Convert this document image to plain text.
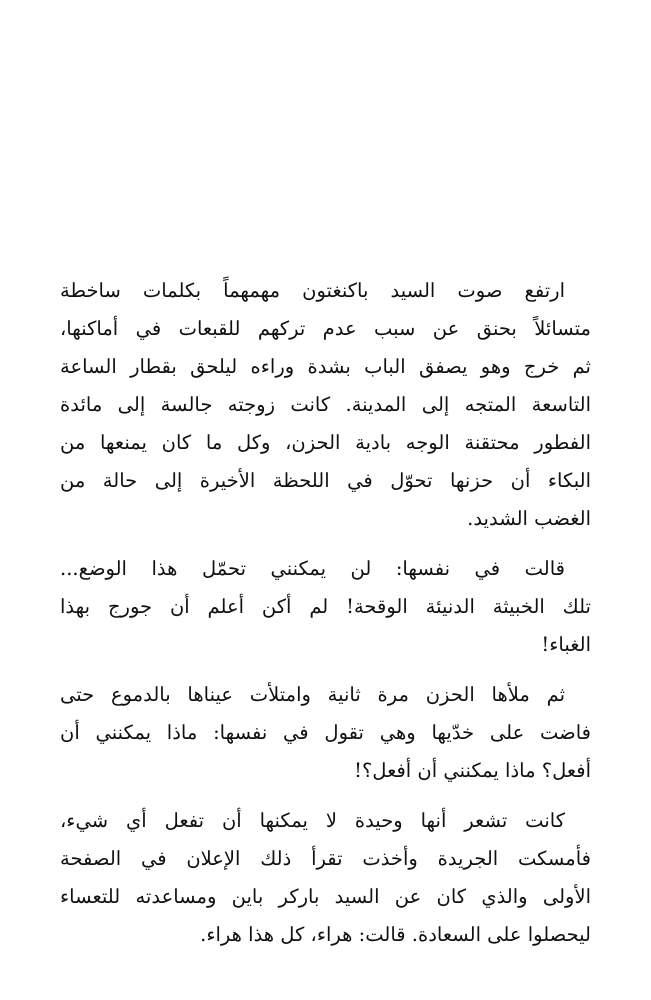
ارتفع صوت السيد باكنغتون مهمهماً بكلمات ساخطة
متسائلاً بحنق عن سبب عدم تركهم للقبعات في أماكنها،
ثم خرج وهو يصفق الباب بشدة وراءه ليلحق بقطار الساعة
التاسعة المتجه إلى المدينة. كانت زوجته جالسة إلى مائدة
الفطور محتقنة الوجه بادية الحزن، وكل ما كان يمنعها من
البكاء أن حزنها تحوّل في اللحظة الأخيرة إلى حالة من
الغضب الشديد.
قالت في نفسها: لن يمكنني تحمّل هذا الوضع...
تلك الخبيثة الدنيئة الوقحة! لم أكن أعلم أن جورج بهذا
الغباء!
ثم ملأها الحزن مرة ثانية وامتلأت عيناها بالدموع حتى
فاضت على خدّيها وهي تقول في نفسها: ماذا يمكنني أن
أفعل؟ ماذا يمكنني أن أفعل؟!
كانت تشعر أنها وحيدة لا يمكنها أن تفعل أي شيء،
فأمسكت الجريدة وأخذت تقرأ ذلك الإعلان في الصفحة
الأولى والذي كان عن السيد باركر باين ومساعدته للتعساء
ليحصلوا على السعادة. قالت: هراء، كل هذا هراء.
